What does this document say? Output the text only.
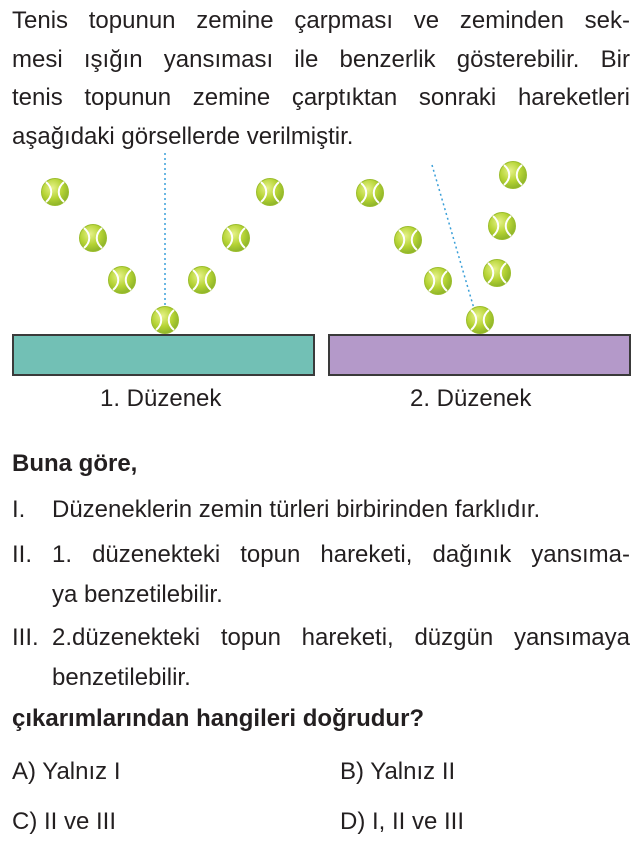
Tenis topunun zemine çarpması ve zeminden sek-
mesi ışığın yansıması ile benzerlik gösterebilir. Bir
tenis topunun zemine çarptıktan sonraki hareketleri
aşağıdaki görsellerde verilmiştir.
1. Düzenek	2. Düzenek
Buna göre,
I. Düzeneklerin zemin türleri birbirinden farklıdır.
II. 1. düzenekteki topun hareketi, dağınık yansıma-
ya benzetilebilir.
III. 2.düzenekteki topun hareketi, düzgün yansımaya
benzetilebilir.
çıkarımlarından hangileri doğrudur?
A) Yalnız I	B) Yalnız II
C) II ve III	D) I, II ve III
